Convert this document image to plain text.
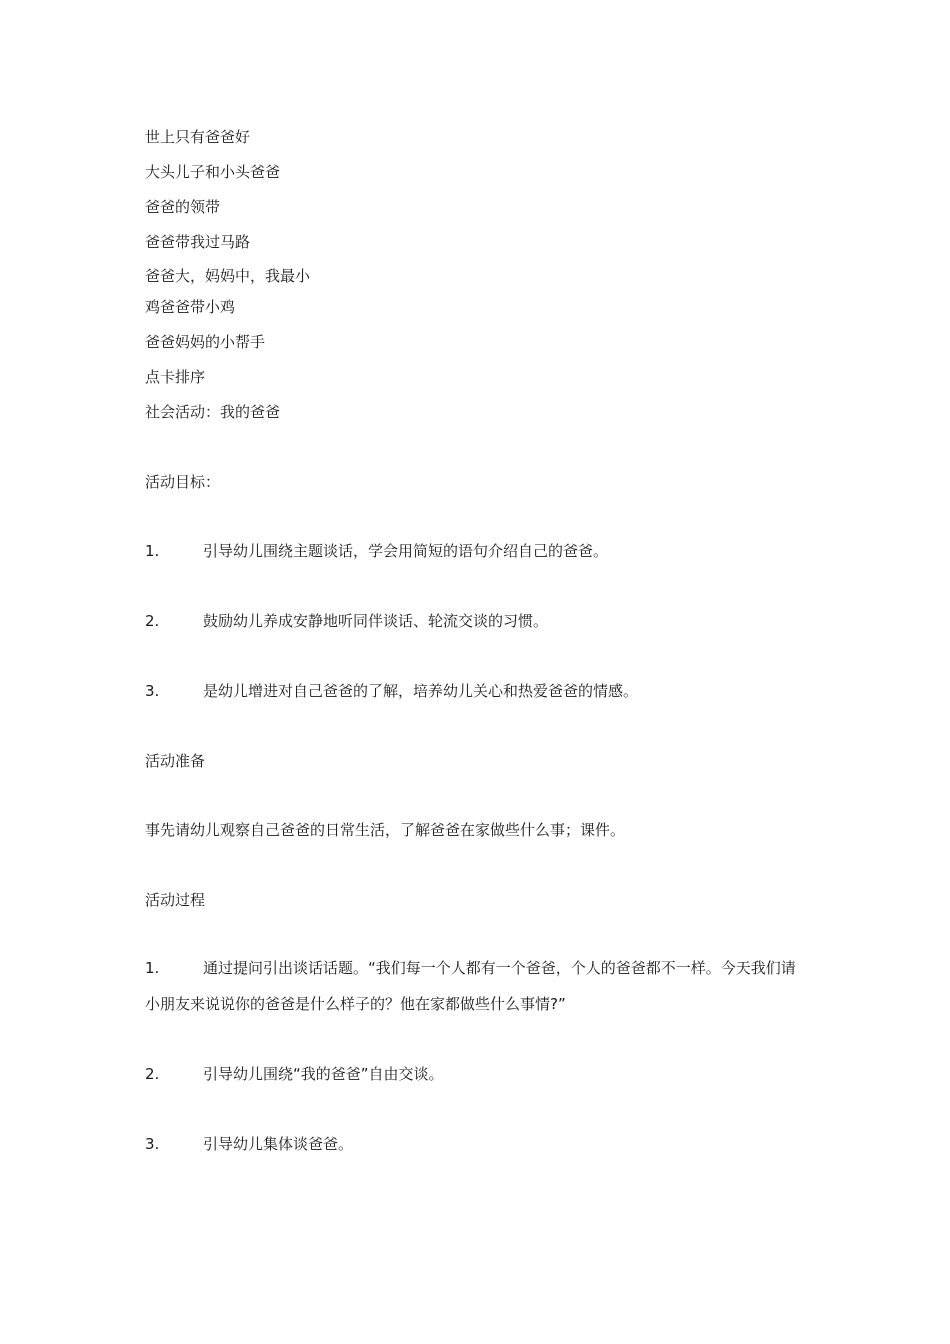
世上只有爸爸好
大头儿子和小头爸爸
爸爸的领带
爸爸带我过马路
爸爸大，妈妈中，我最小
鸡爸爸带小鸡
爸爸妈妈的小帮手
点卡排序
社会活动：我的爸爸
活动目标：
1.	引导幼儿围绕主题谈话，学会用简短的语句介绍自己的爸爸。
2.	鼓励幼儿养成安静地听同伴谈话、轮流交谈的习惯。
3.	是幼儿增进对自己爸爸的了解，培养幼儿关心和热爱爸爸的情感。
活动准备
事先请幼儿观察自己爸爸的日常生活，了解爸爸在家做些什么事；课件。
活动过程
1.	通过提问引出谈话话题。“我们每一个人都有一个爸爸，个人的爸爸都不一样。今天我们请小朋友来说说你的爸爸是什么样子的？他在家都做些什么事情?”
2.	引导幼儿围绕“我的爸爸”自由交谈。
3.	引导幼儿集体谈爸爸。
